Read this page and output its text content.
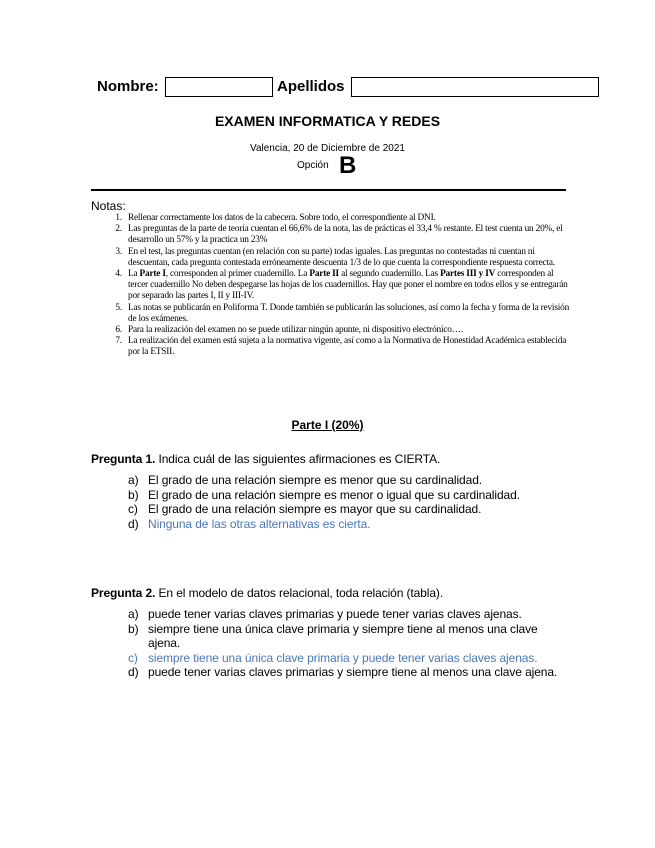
Nombre:	Apellidos
EXAMEN INFORMATICA Y REDES
Valencia, 20 de Diciembre de 2021
Opción B
Notas:
1. Rellenar correctamente los datos de la cabecera. Sobre todo, el correspondiente al DNI.
2. Las preguntas de la parte de teoría cuentan el 66,6% de la nota, las de prácticas el 33,4 % restante. El test cuenta un 20%, el desarrollo un 57% y la practica un 23%
3. En el test, las preguntas cuentan (en relación con su parte) todas iguales. Las preguntas no contestadas ni cuentan ni descuentan, cada pregunta contestada erróneamente descuenta 1/3 de lo que cuenta la correspondiente respuesta correcta.
4. La Parte I, corresponden al primer cuadernillo. La Parte II al segundo cuadernillo. Las Partes III y IV corresponden al tercer cuadernillo No deben despegarse las hojas de los cuadernillos. Hay que poner el nombre en todos ellos y se entregarán por separado las partes I, II y III-IV.
5. Las notas se publicarán en Poliformа T. Donde también se publicarán las soluciones, así como la fecha y forma de la revisión de los exámenes.
6. Para la realización del examen no se puede utilizar ningún apunte, ni dispositivo electrónico….
7. La realización del examen está sujeta a la normativa vigente, así como a la Normativa de Honestidad Académica establecida por la ETSII.
Parte I (20%)
Pregunta 1. Indica cuál de las siguientes afirmaciones es CIERTA.
a) El grado de una relación siempre es menor que su cardinalidad.
b) El grado de una relación siempre es menor o igual que su cardinalidad.
c) El grado de una relación siempre es mayor que su cardinalidad.
d) Ninguna de las otras alternativas es cierta.
Pregunta 2. En el modelo de datos relacional, toda relación (tabla).
a) puede tener varias claves primarias y puede tener varias claves ajenas.
b) siempre tiene una única clave primaria y siempre tiene al menos una clave ajena.
c) siempre tiene una única clave primaria y puede tener varias claves ajenas.
d) puede tener varias claves primarias y siempre tiene al menos una clave ajena.
